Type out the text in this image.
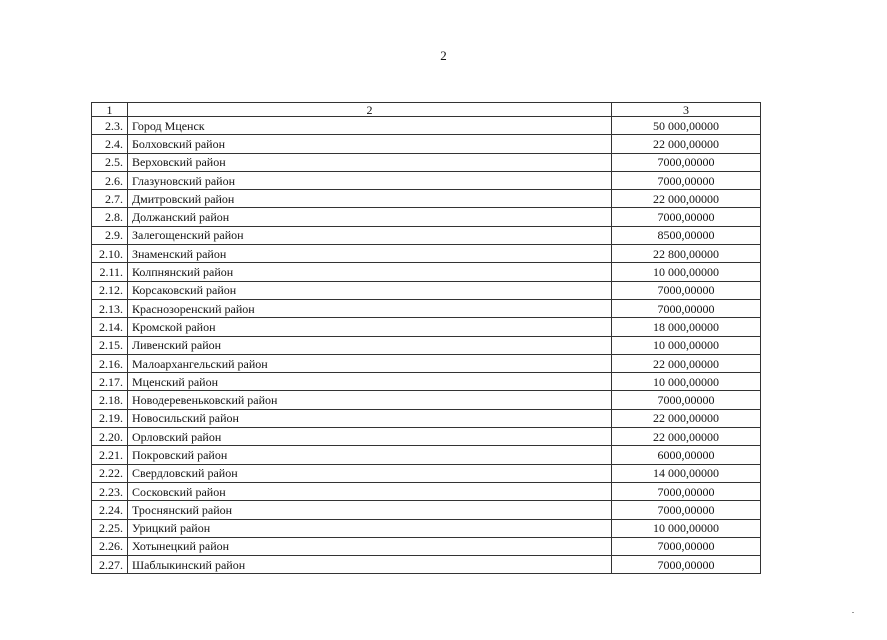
2
1	2	3
2.3.	Город Мценск	50 000,00000
2.4.	Болховский район	22 000,00000
2.5.	Верховский район	7000,00000
2.6.	Глазуновский район	7000,00000
2.7.	Дмитровский район	22 000,00000
2.8.	Должанский район	7000,00000
2.9.	Залегощенский район	8500,00000
2.10.	Знаменский район	22 800,00000
2.11.	Колпнянский район	10 000,00000
2.12.	Корсаковский район	7000,00000
2.13.	Краснозоренский район	7000,00000
2.14.	Кромской район	18 000,00000
2.15.	Ливенский район	10 000,00000
2.16.	Малоархангельский район	22 000,00000
2.17.	Мценский район	10 000,00000
2.18.	Новодеревеньковский район	7000,00000
2.19.	Новосильский район	22 000,00000
2.20.	Орловский район	22 000,00000
2.21.	Покровский район	6000,00000
2.22.	Свердловский район	14 000,00000
2.23.	Сосковский район	7000,00000
2.24.	Троснянский район	7000,00000
2.25.	Урицкий район	10 000,00000
2.26.	Хотынецкий район	7000,00000
2.27.	Шаблыкинский район	7000,00000
